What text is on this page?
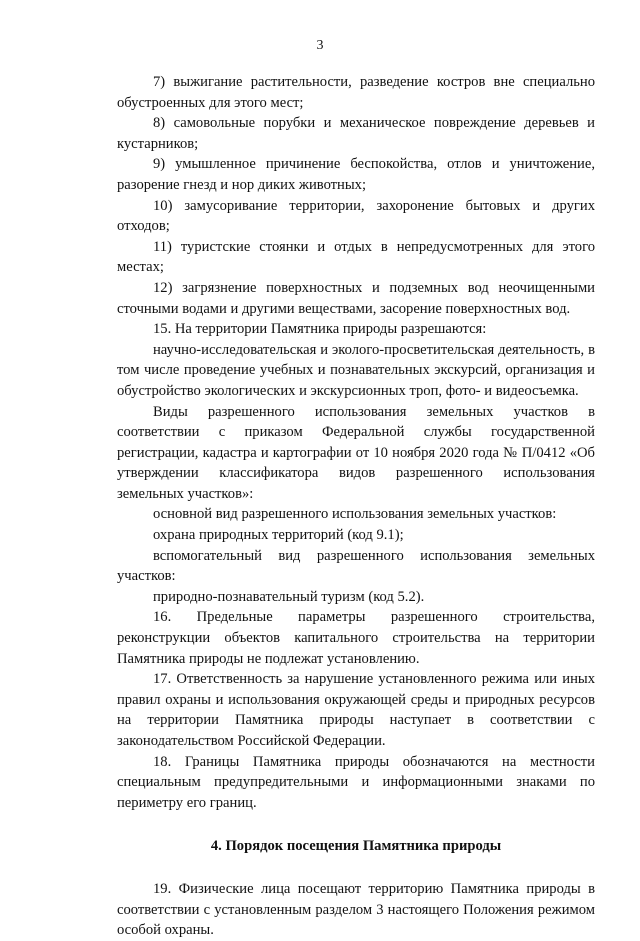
3

7) выжигание растительности, разведение костров вне специально обустроенных для этого мест;

8) самовольные порубки и механическое повреждение деревьев и кустарников;

9) умышленное причинение беспокойства, отлов и уничтожение, разорение гнезд и нор диких животных;

10) замусоривание территории, захоронение бытовых и других отходов;

11) туристские стоянки и отдых в непредусмотренных для этого местах;

12) загрязнение поверхностных и подземных вод неочищенными сточными водами и другими веществами, засорение поверхностных вод.

15. На территории Памятника природы разрешаются:

научно-исследовательская и эколого-просветительская деятельность, в том числе проведение учебных и познавательных экскурсий, организация и обустройство экологических и экскурсионных троп, фото- и видеосъемка.

Виды разрешенного использования земельных участков в соответствии с приказом Федеральной службы государственной регистрации, кадастра и картографии от 10 ноября 2020 года № П/0412 «Об утверждении классификатора видов разрешенного использования земельных участков»:

основной вид разрешенного использования земельных участков:

охрана природных территорий (код 9.1);

вспомогательный вид разрешенного использования земельных участков:

природно-познавательный туризм (код 5.2).

16. Предельные параметры разрешенного строительства, реконструкции объектов капитального строительства на территории Памятника природы не подлежат установлению.

17. Ответственность за нарушение установленного режима или иных правил охраны и использования окружающей среды и природных ресурсов на территории Памятника природы наступает в соответствии с законодательством Российской Федерации.

18. Границы Памятника природы обозначаются на местности специальным предупредительными и информационными знаками по периметру его границ.

4. Порядок посещения Памятника природы

19. Физические лица посещают территорию Памятника природы в соответствии с установленным разделом 3 настоящего Положения режимом особой охраны.
